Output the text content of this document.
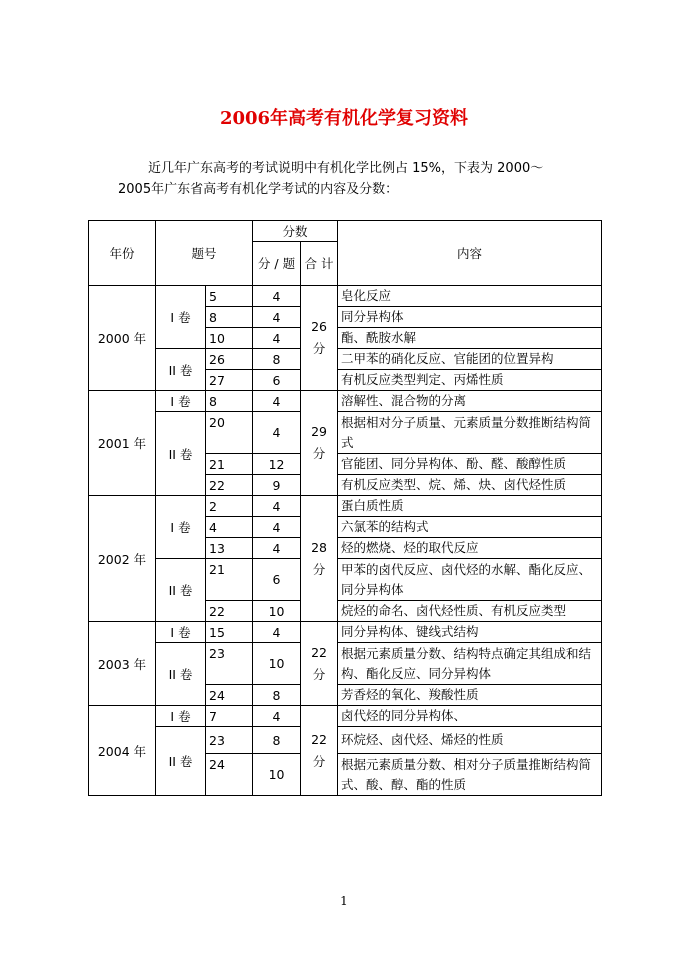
2006年高考有机化学复习资料
近几年广东高考的考试说明中有机化学比例占 15%，下表为 2000～
2005年广东省高考有机化学考试的内容及分数：
年份	题号		分数		内容
			分 / 题	合 计	
2000 年	I 卷	5	4	26 分	皂化反应
		8	4		同分异构体
		10	4		酯、酰胺水解
	II 卷	26	8		二甲苯的硝化反应、官能团的位置异构
		27	6		有机反应类型判定、丙烯性质
2001 年	I 卷	8	4	29 分	溶解性、混合物的分离
	II 卷	20	4		根据相对分子质量、元素质量分数推断结构简式
		21	12		官能团、同分异构体、酚、醛、酸醇性质
		22	9		有机反应类型、烷、烯、炔、卤代烃性质
2002 年	I 卷	2	4	28 分	蛋白质性质
		4	4		六氯苯的结构式
		13	4		烃的燃烧、烃的取代反应
	II 卷	21	6		甲苯的卤代反应、卤代烃的水解、酯化反应、同分异构体
		22	10		烷烃的命名、卤代烃性质、有机反应类型
2003 年	I 卷	15	4	22 分	同分异构体、键线式结构
	II 卷	23	10		根据元素质量分数、结构特点确定其组成和结构、酯化反应、同分异构体
		24	8		芳香烃的氧化、羧酸性质
2004 年	I 卷	7	4	22 分	卤代烃的同分异构体、
	II 卷	23	8		环烷烃、卤代烃、烯烃的性质
		24	10		根据元素质量分数、相对分子质量推断结构简式、酸、醇、酯的性质
1
